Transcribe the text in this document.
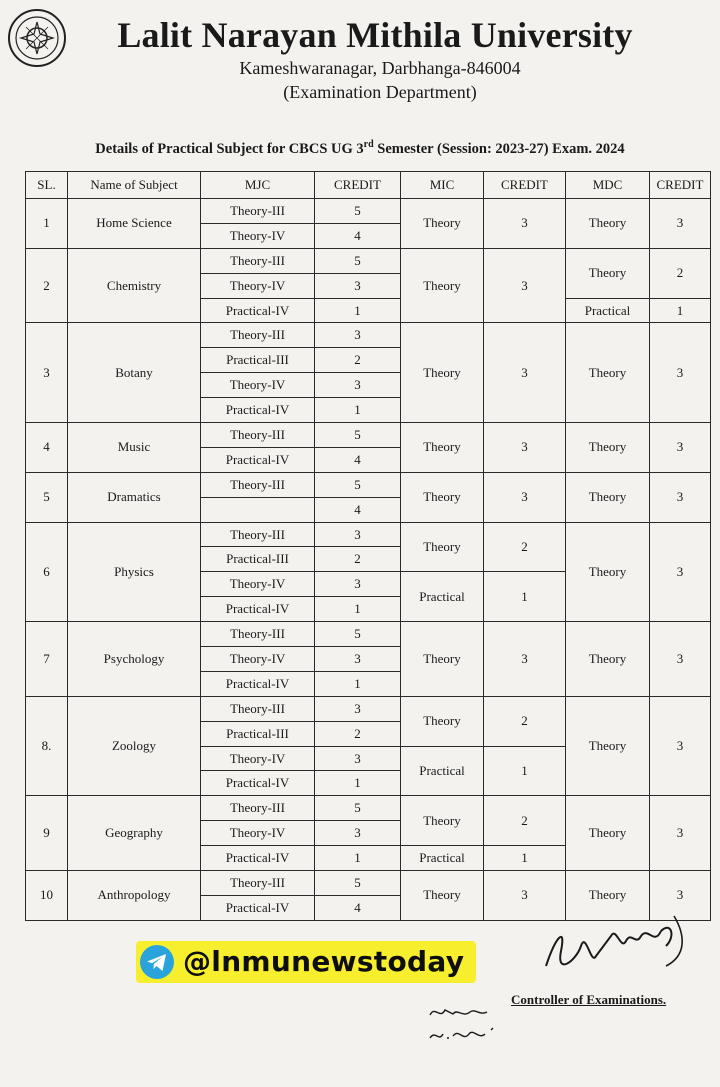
Lalit Narayan Mithila University
Kameshwaranagar, Darbhanga-846004
(Examination Department)
Details of Practical Subject for CBCS UG 3rd Semester (Session: 2023-27) Exam. 2024
SL.	Name of Subject	MJC	CREDIT	MIC	CREDIT	MDC	CREDIT
1	Home Science	Theory-III	5	Theory	3	Theory	3
		Theory-IV	4				
2	Chemistry	Theory-III	5	Theory	3	Theory	2
		Theory-IV	3				
		Practical-IV	1			Practical	1
3	Botany	Theory-III	3	Theory	3	Theory	3
		Practical-III	2				
		Theory-IV	3				
		Practical-IV	1				
4	Music	Theory-III	5	Theory	3	Theory	3
		Practical-IV	4				
5	Dramatics	Theory-III	5	Theory	3	Theory	3
			4				
6	Physics	Theory-III	3	Theory	2	Theory	3
		Practical-III	2				
		Theory-IV	3	Practical	1		
		Practical-IV	1				
7	Psychology	Theory-III	5	Theory	3	Theory	3
		Theory-IV	3				
		Practical-IV	1				
8.	Zoology	Theory-III	3	Theory	2	Theory	3
		Practical-III	2				
		Theory-IV	3	Practical	1		
		Practical-IV	1				
9	Geography	Theory-III	5	Theory	2	Theory	3
		Theory-IV	3				
		Practical-IV	1	Practical	1		
10	Anthropology	Theory-III	5	Theory	3	Theory	3
		Practical-IV	4				
@lnmunewstoday
Controller of Examinations.
